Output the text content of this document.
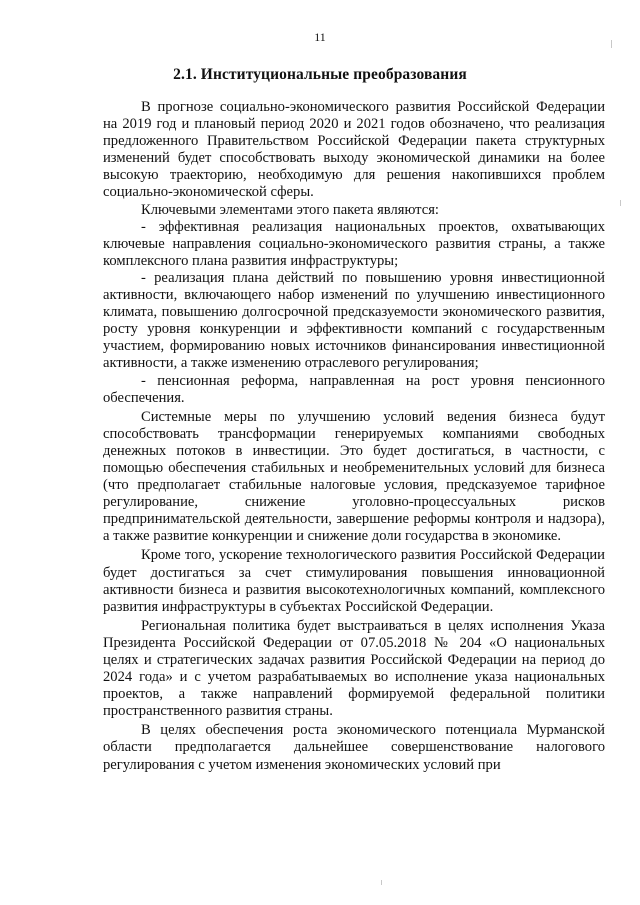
11
2.1. Институциональные преобразования

В прогнозе социально-экономического развития Российской Федерации на 2019 год и плановый период 2020 и 2021 годов обозначено, что реализация предложенного Правительством Российской Федерации пакета структурных изменений будет способствовать выходу экономической динамики на более высокую траекторию, необходимую для решения накопившихся проблем социально-экономической сферы.

Ключевыми элементами этого пакета являются:

- эффективная реализация национальных проектов, охватывающих ключевые направления социально-экономического развития страны, а также комплексного плана развития инфраструктуры;

- реализация плана действий по повышению уровня инвестиционной активности, включающего набор изменений по улучшению инвестиционного климата, повышению долгосрочной предсказуемости экономического развития, росту уровня конкуренции и эффективности компаний с государственным участием, формированию новых источников финансирования инвестиционной активности, а также изменению отраслевого регулирования;

- пенсионная реформа, направленная на рост уровня пенсионного обеспечения.

Системные меры по улучшению условий ведения бизнеса будут способствовать трансформации генерируемых компаниями свободных денежных потоков в инвестиции. Это будет достигаться, в частности, с помощью обеспечения стабильных и необременительных условий для бизнеса (что предполагает стабильные налоговые условия, предсказуемое тарифное регулирование, снижение уголовно-процессуальных рисков предпринимательской деятельности, завершение реформы контроля и надзора), а также развитие конкуренции и снижение доли государства в экономике.

Кроме того, ускорение технологического развития Российской Федерации будет достигаться за счет стимулирования повышения инновационной активности бизнеса и развития высокотехнологичных компаний, комплексного развития инфраструктуры в субъектах Российской Федерации.

Региональная политика будет выстраиваться в целях исполнения Указа Президента Российской Федерации от 07.05.2018 № 204 «О национальных целях и стратегических задачах развития Российской Федерации на период до 2024 года» и с учетом разрабатываемых во исполнение указа национальных проектов, а также направлений формируемой федеральной политики пространственного развития страны.

В целях обеспечения роста экономического потенциала Мурманской области предполагается дальнейшее совершенствование налогового регулирования с учетом изменения экономических условий при
